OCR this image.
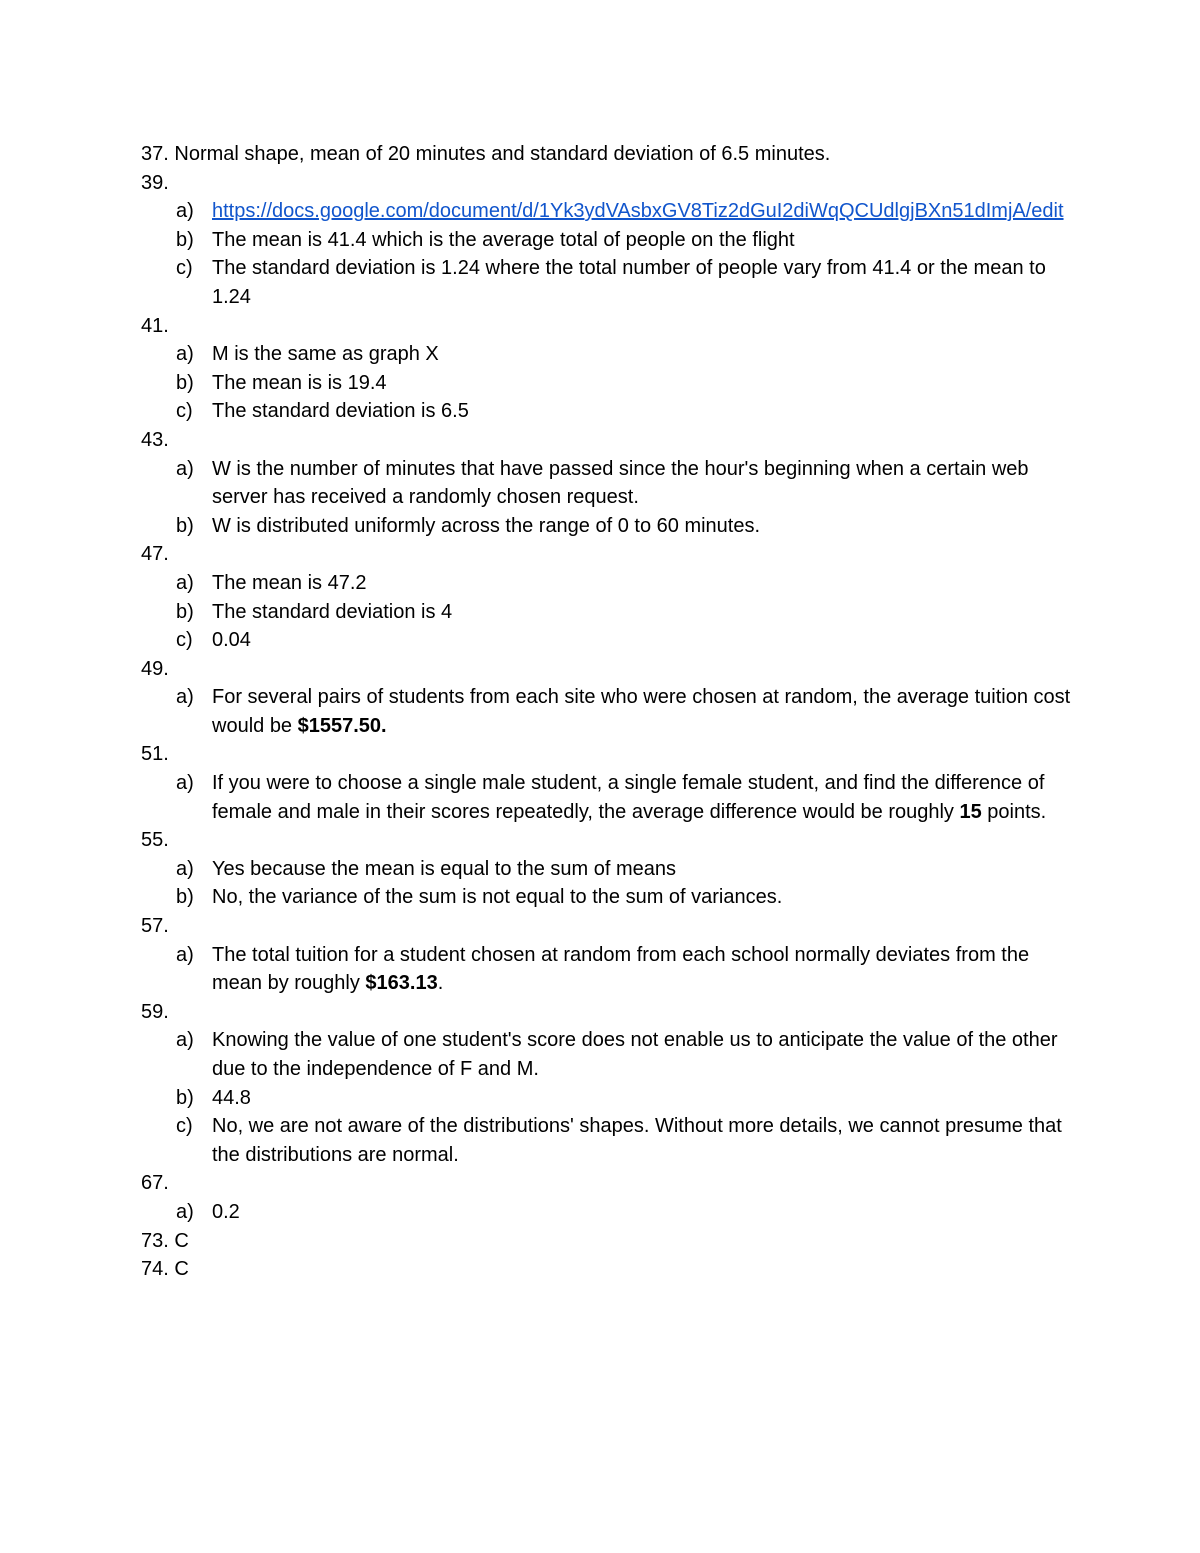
37. Normal shape, mean of 20 minutes and standard deviation of 6.5 minutes.
39.
a) https://docs.google.com/document/d/1Yk3ydVAsbxGV8Tiz2dGuI2diWqQCUdlgjBXn51dImjA/edit
b) The mean is 41.4 which is the average total of people on the flight
c) The standard deviation is 1.24 where the total number of people vary from 41.4 or the mean to 1.24
41.
a) M is the same as graph X
b) The mean is is 19.4
c) The standard deviation is 6.5
43.
a) W is the number of minutes that have passed since the hour's beginning when a certain web server has received a randomly chosen request.
b) W is distributed uniformly across the range of 0 to 60 minutes.
47.
a) The mean is 47.2
b) The standard deviation is 4
c) 0.04
49.
a) For several pairs of students from each site who were chosen at random, the average tuition cost would be $1557.50.
51.
a) If you were to choose a single male student, a single female student, and find the difference of female and male in their scores repeatedly, the average difference would be roughly 15 points.
55.
a) Yes because the mean is equal to the sum of means
b) No, the variance of the sum is not equal to the sum of variances.
57.
a) The total tuition for a student chosen at random from each school normally deviates from the mean by roughly $163.13.
59.
a) Knowing the value of one student's score does not enable us to anticipate the value of the other due to the independence of F and M.
b) 44.8
c) No, we are not aware of the distributions' shapes. Without more details, we cannot presume that the distributions are normal.
67.
a) 0.2
73. C
74. C
